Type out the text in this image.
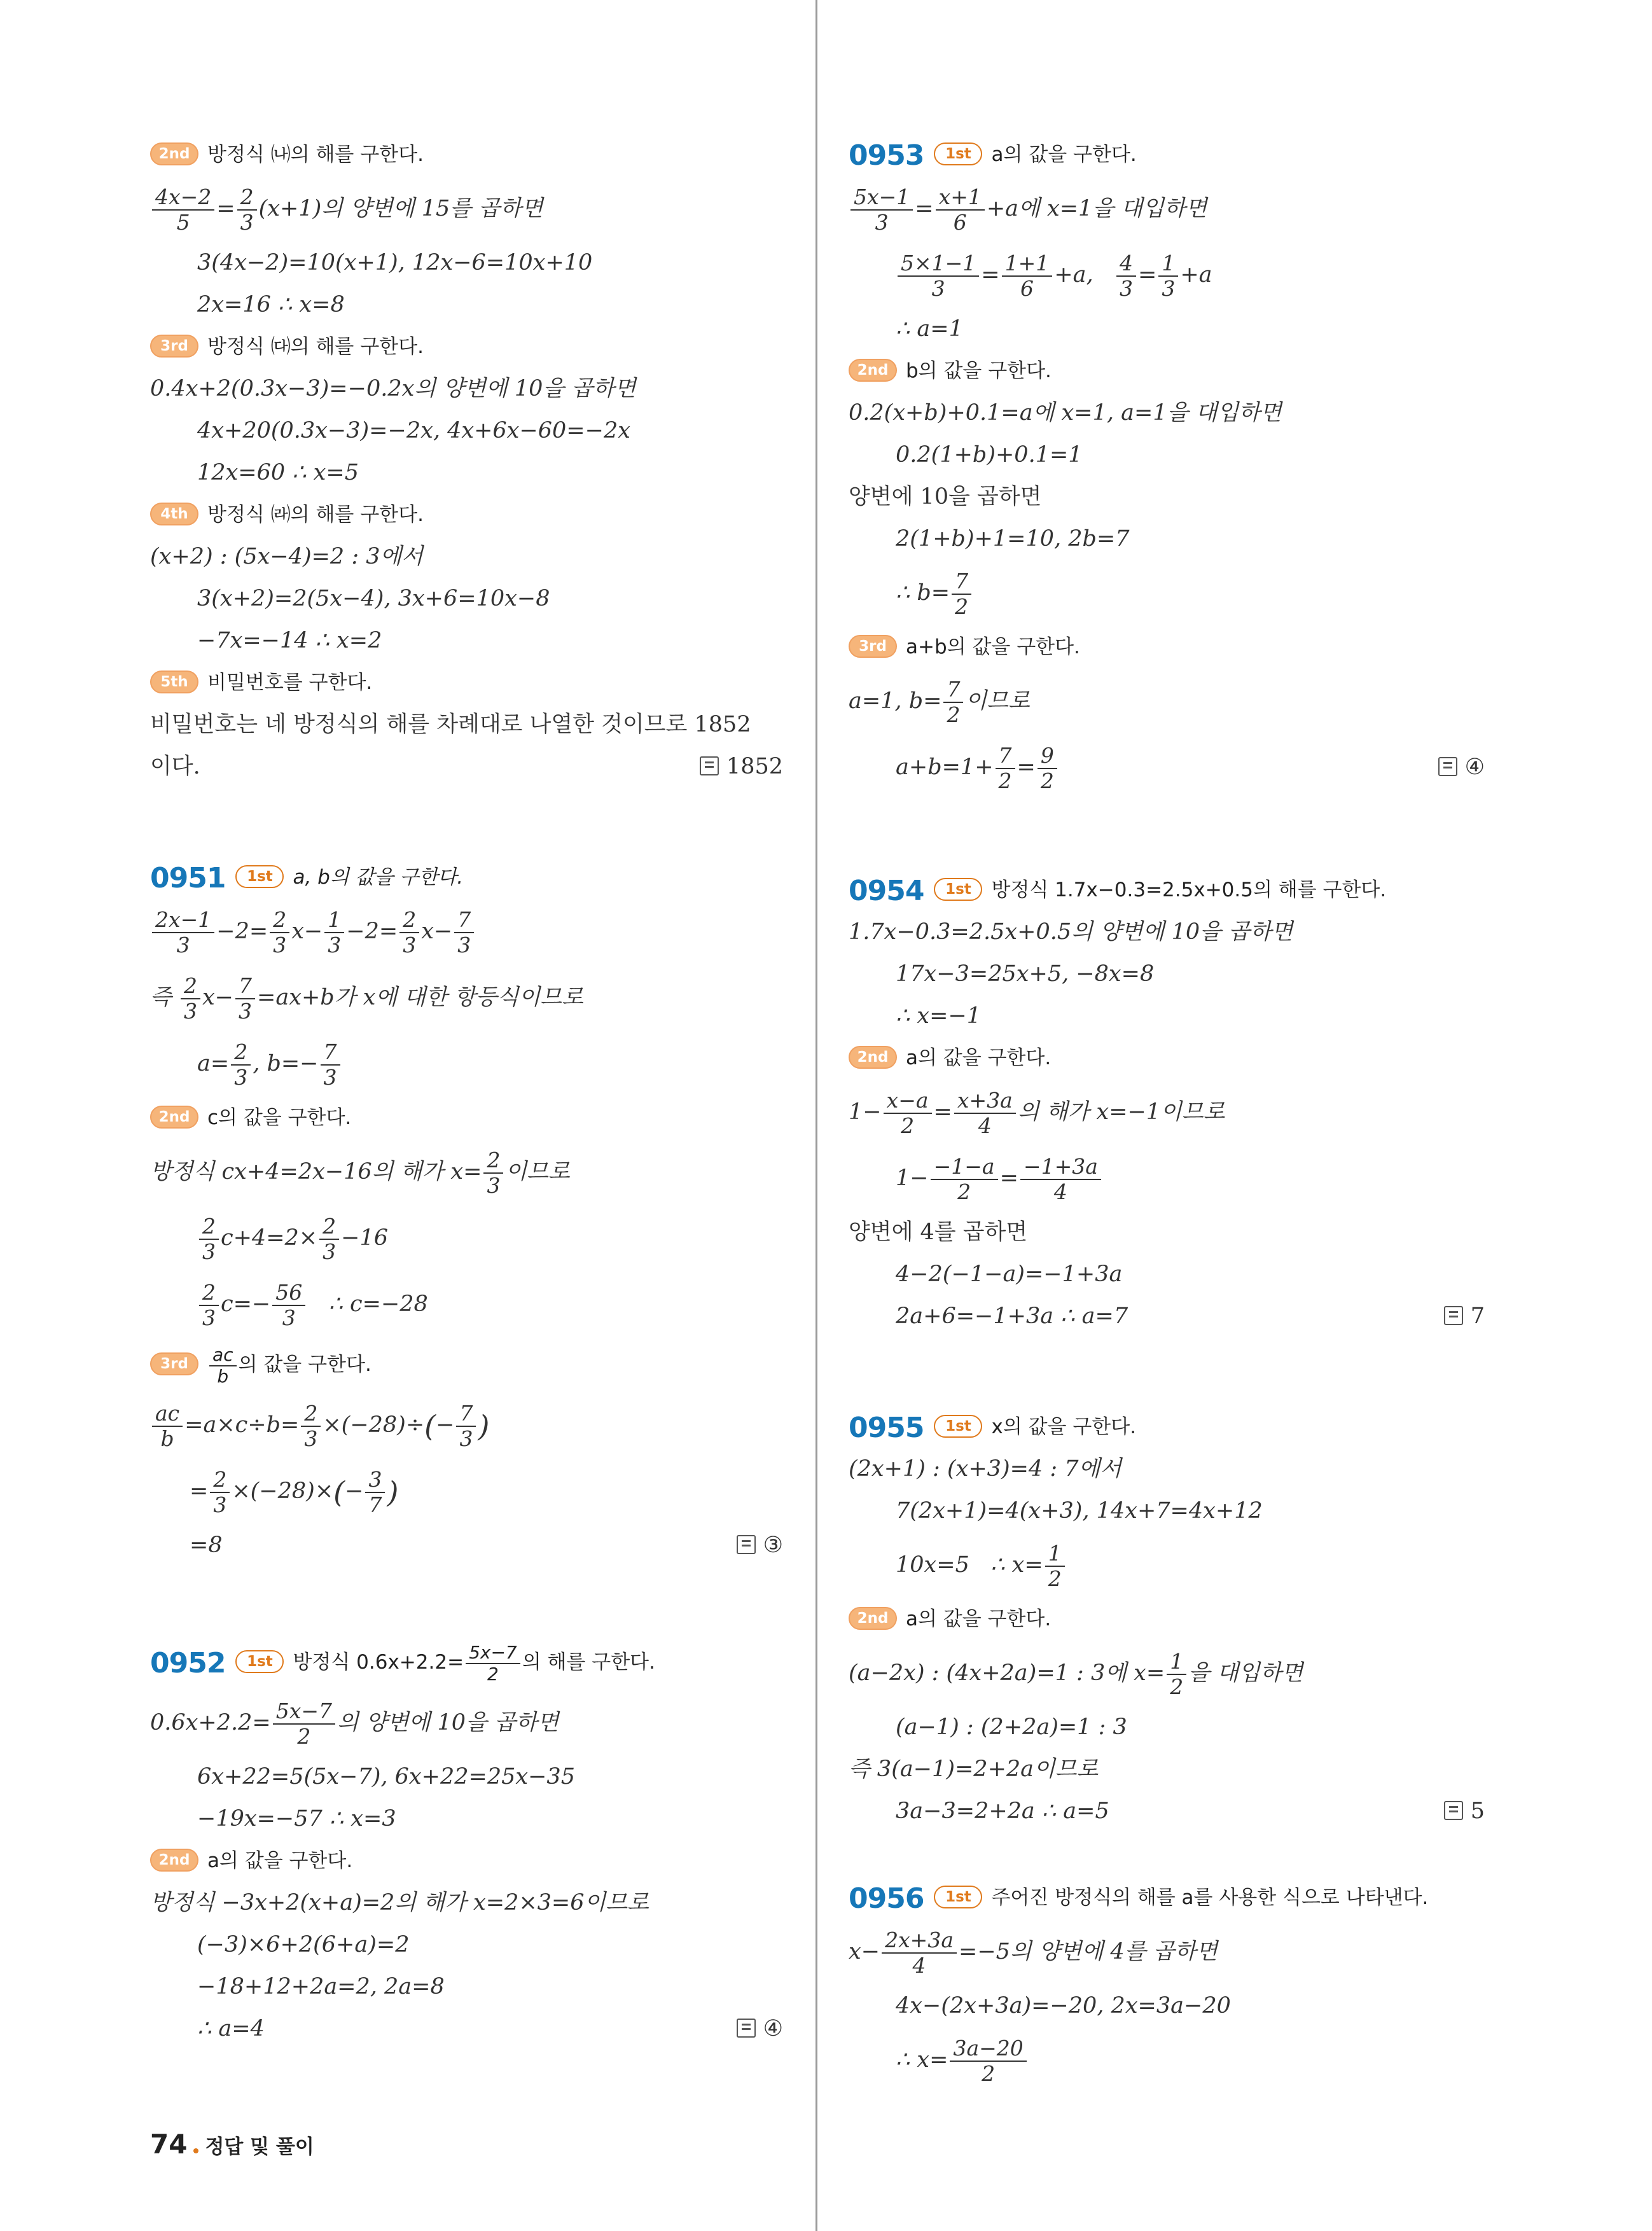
2nd 방정식 ㈏의 해를 구한다.
$\frac{4x-2}{5} = \frac{2}{3} (x+1)$의 양변에 15를 곱하면
3(4x−2)=10(x+1), 12x−6=10x+10
2x=16 ∴ x=8
3rd 방정식 ㈐의 해를 구한다.
0.4x+2(0.3x−3)=−0.2x의 양변에 10을 곱하면
4x+20(0.3x−3)=−2x, 4x+6x−60=−2x
12x=60 ∴ x=5
4th 방정식 ㈑의 해를 구한다.
(x+2) : (5x−4)=2 : 3에서
3(x+2)=2(5x−4), 3x+6=10x−8
−7x=−14 ∴ x=2
5th 비밀번호를 구한다.
비밀번호는 네 방정식의 해를 차례대로 나열한 것이므로 1852
이다.	1852
0951 1st a, b의 값을 구한다.
$\frac{2x-1}{3} -2= \frac{2}{3} x- \frac{1}{3} -2= \frac{2}{3} x- \frac{7}{3}$
즉 $\frac{2}{3} x- \frac{7}{3} =ax+b$가 x에 대한 항등식이므로
$a= \frac{2}{3}$ , $b=- \frac{7}{3}$
2nd c의 값을 구한다.
방정식 cx+4=2x−16의 해가 $x= \frac{2}{3}$ 이므로
$\frac{2}{3} c+4=2\times \frac{2}{3} -16$
$\frac{2}{3} c=- \frac{56}{3}$ ∴ c=−28
$3rd \frac{ac}{b}$ 의 값을 구한다.
$\frac{ac}{b} =a\times c\div b= \frac{2}{3} \times(-28)\div(- \frac{7}{3}$ )
= $\frac{2}{3} \times(-28)\times(- \frac{3}{7}$ )
=8	③
0952 1st 방정식 $0.6x+2.2= \frac{5x-7}{2}$ 의 해를 구한다.
$0.6x+2.2= \frac{5x-7}{2}$ 의 양변에 10을 곱하면
6x+22=5(5x−7), 6x+22=25x−35
−19x=−57 ∴ x=3
2nd a의 값을 구한다.
방정식 −3x+2(x+a)=2의 해가 x=2×3=6이므로
(−3)×6+2(6+a)=2
−18+12+2a=2, 2a=8
∴ a=4	④
0953 1st a의 값을 구한다.
$\frac{5x-1}{3} = \frac{x+1}{6} +a$에 x=1을 대입하면
$\frac{5\times 1-1}{3} = \frac{1+1}{6} +a$, $\frac{4}{3} = \frac{1}{3} +a$
∴ a=1
2nd b의 값을 구한다.
0.2(x+b)+0.1=a에 x=1, a=1을 대입하면
0.2(1+b)+0.1=1
양변에 10을 곱하면
2(1+b)+1=10, 2b=7
∴ $b= \frac{7}{2}$
3rd a+b의 값을 구한다.
a=1, $b= \frac{7}{2}$ 이므로
$a+b=1+ \frac{7}{2} = \frac{9}{2}$	④
0954 1st 방정식 1.7x−0.3=2.5x+0.5의 해를 구한다.
1.7x−0.3=2.5x+0.5의 양변에 10을 곱하면
17x−3=25x+5, −8x=8
∴ x=−1
2nd a의 값을 구한다.
$1- \frac{x-a}{2} = \frac{x+3a}{4}$ 의 해가 x=−1이므로
$1- \frac{-1-a}{2} = \frac{-1+3a}{4}$
양변에 4를 곱하면
4−2(−1−a)=−1+3a
2a+6=−1+3a ∴ a=7	7
0955 1st x의 값을 구한다.
(2x+1) : (x+3)=4 : 7에서
7(2x+1)=4(x+3), 14x+7=4x+12
10x=5   ∴ $x= \frac{1}{2}$
2nd a의 값을 구한다.
(a−2x) : (4x+2a)=1 : 3에 $x= \frac{1}{2}$ 을 대입하면
(a−1) : (2+2a)=1 : 3
즉 3(a−1)=2+2a이므로
3a−3=2+2a ∴ a=5	5
0956 1st 주어진 방정식의 해를 a를 사용한 식으로 나타낸다.
$x- \frac{2x+3a}{4} =-5$의 양변에 4를 곱하면
4x−(2x+3a)=−20, 2x=3a−20
∴ $x= \frac{3a-20}{2}$
74 정답 및 풀이
